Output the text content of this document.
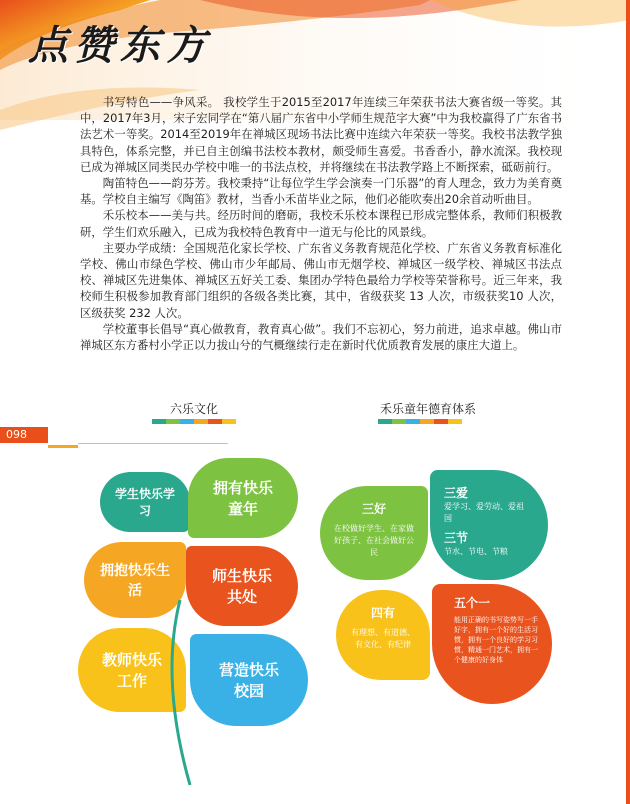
点赞东方

书写特色——争风采。 我校学生于2015至2017年连续三年荣获书法大赛省级一等奖。其中，2017年3月，宋子宏同学在“第八届广东省中小学师生规范字大赛”中为我校赢得了广东省书法艺术一等奖。2014至2019年在禅城区现场书法比赛中连续六年荣获一等奖。我校书法教学独具特色，体系完整，并已自主创编书法校本教材，颇受师生喜爱。书香香小，静水流深。我校现已成为禅城区同类民办学校中唯一的书法点校，并将继续在书法教学路上不断探索，砥砺前行。

陶笛特色——韵芬芳。我校秉持“让每位学生学会演奏一门乐器”的育人理念，致力为美育奠基。学校自主编写《陶笛》教材，当香小禾苗毕业之际，他们必能吹奏出20余首动听曲目。

禾乐校本——美与共。经历时间的磨砺，我校禾乐校本课程已形成完整体系，教师们积极教研，学生们欢乐融入，已成为我校特色教育中一道无与伦比的风景线。

主要办学成绩：全国规范化家长学校、广东省义务教育规范化学校、广东省义务教育标准化学校、佛山市绿色学校、佛山市少年邮局、佛山市无烟学校、禅城区一级学校、禅城区书法点校、禅城区先进集体、禅城区五好关工委、集团办学特色最给力学校等荣誉称号。近三年来，我校师生积极参加教育部门组织的各级各类比赛，其中，省级获奖 13 人次，市级获奖10 人次，区级获奖 232 人次。

学校董事长倡导“真心做教育，教育真心做”。我们不忘初心，努力前进，追求卓越。佛山市禅城区东方番村小学正以力拔山兮的气概继续行走在新时代优质教育发展的康庄大道上。

098
六乐文化
学生快乐学习
拥有快乐童年
拥抱快乐生活
师生快乐共处
教师快乐工作
营造快乐校园
禾乐童年德育体系
三好
在校做好学生、在家做好孩子、在社会做好公民
三爱
爱学习、爱劳动、爱祖国
三节
节水、节电、节粮
四有
有理想、有道德、有文化、有纪律
五个一
能用正确的书写姿势写一手好字，拥有一个好的生活习惯，拥有一个良好的学习习惯，精通一门艺术，拥有一个健康的好身体
